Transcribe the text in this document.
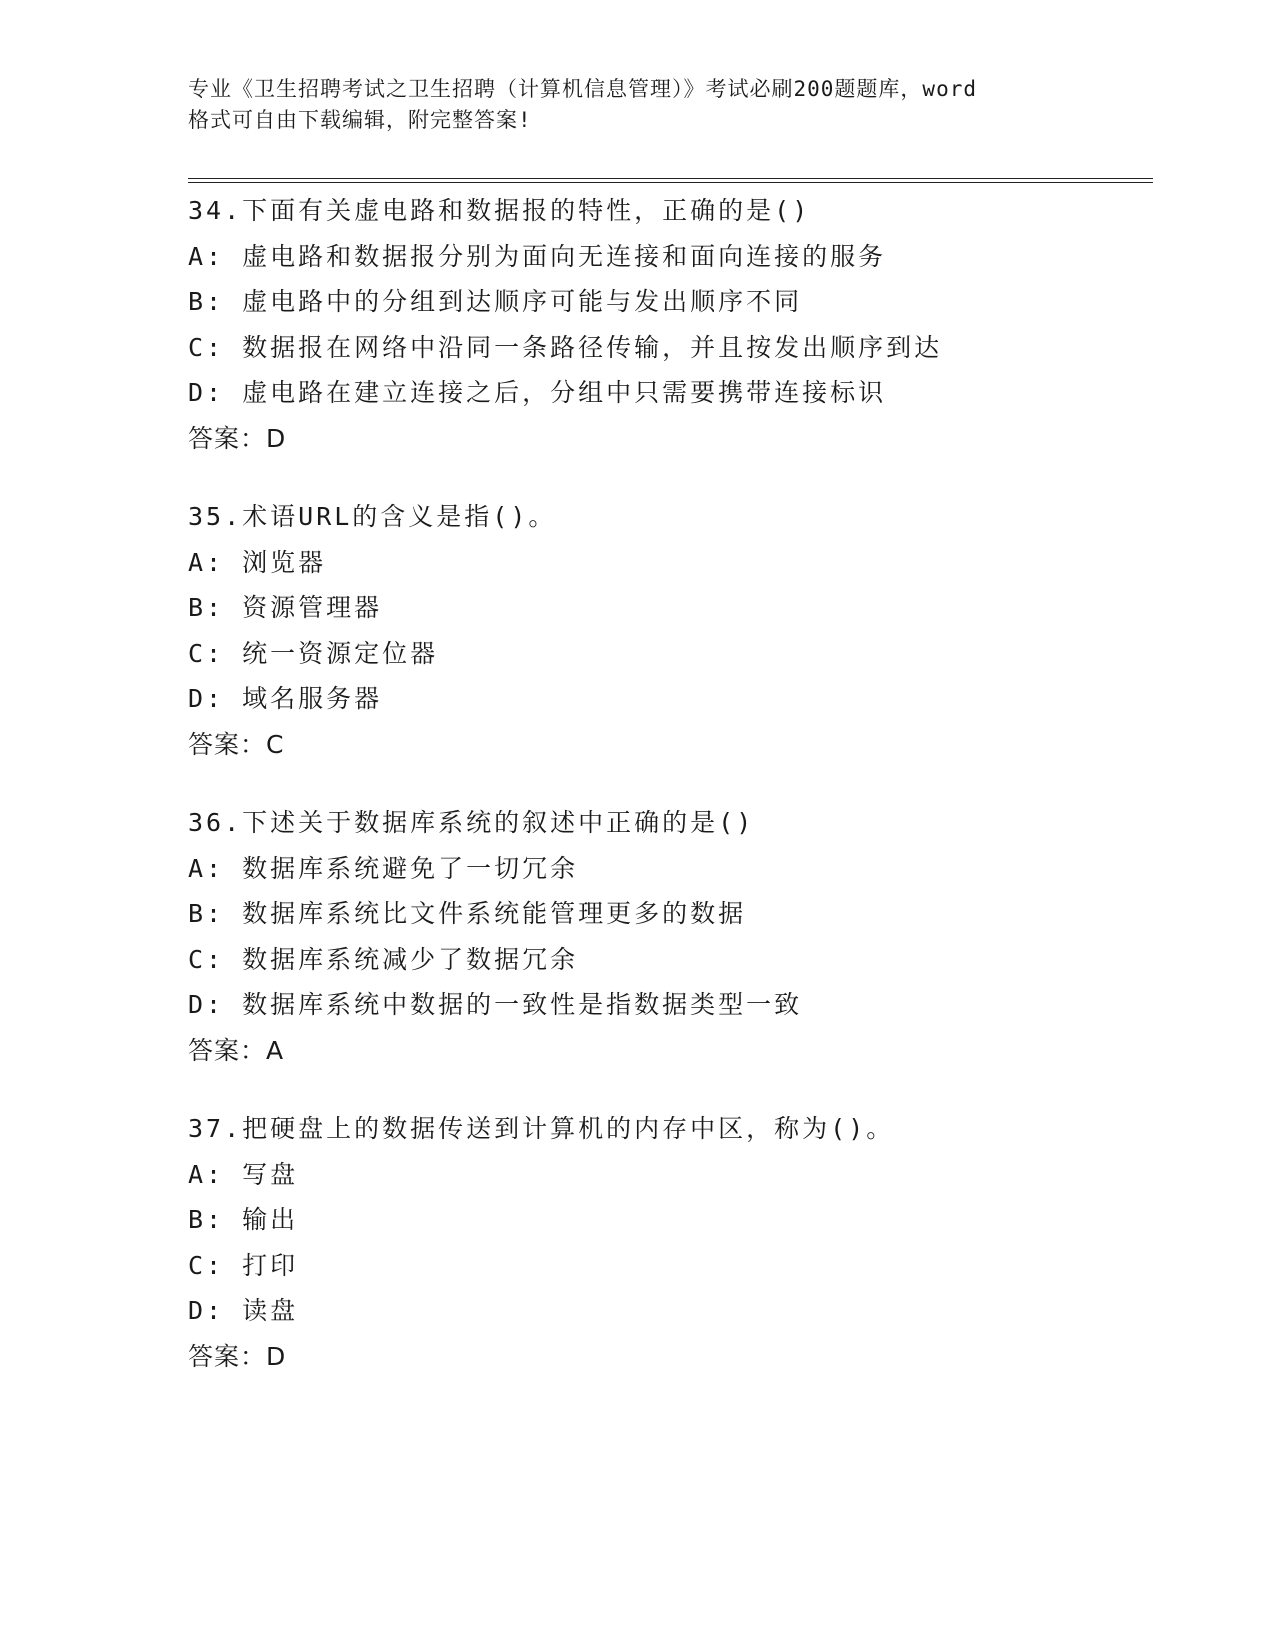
专业《卫生招聘考试之卫生招聘（计算机信息管理）》考试必刷200题题库，word
格式可自由下载编辑，附完整答案!
34.下面有关虚电路和数据报的特性，正确的是()
A: 虚电路和数据报分别为面向无连接和面向连接的服务
B: 虚电路中的分组到达顺序可能与发出顺序不同
C: 数据报在网络中沿同一条路径传输，并且按发出顺序到达
D: 虚电路在建立连接之后，分组中只需要携带连接标识
答案：D
35.术语URL的含义是指()。
A: 浏览器
B: 资源管理器
C: 统一资源定位器
D: 域名服务器
答案：C
36.下述关于数据库系统的叙述中正确的是()
A: 数据库系统避免了一切冗余
B: 数据库系统比文件系统能管理更多的数据
C: 数据库系统减少了数据冗余
D: 数据库系统中数据的一致性是指数据类型一致
答案：A
37.把硬盘上的数据传送到计算机的内存中区，称为()。
A: 写盘
B: 输出
C: 打印
D: 读盘
答案：D
